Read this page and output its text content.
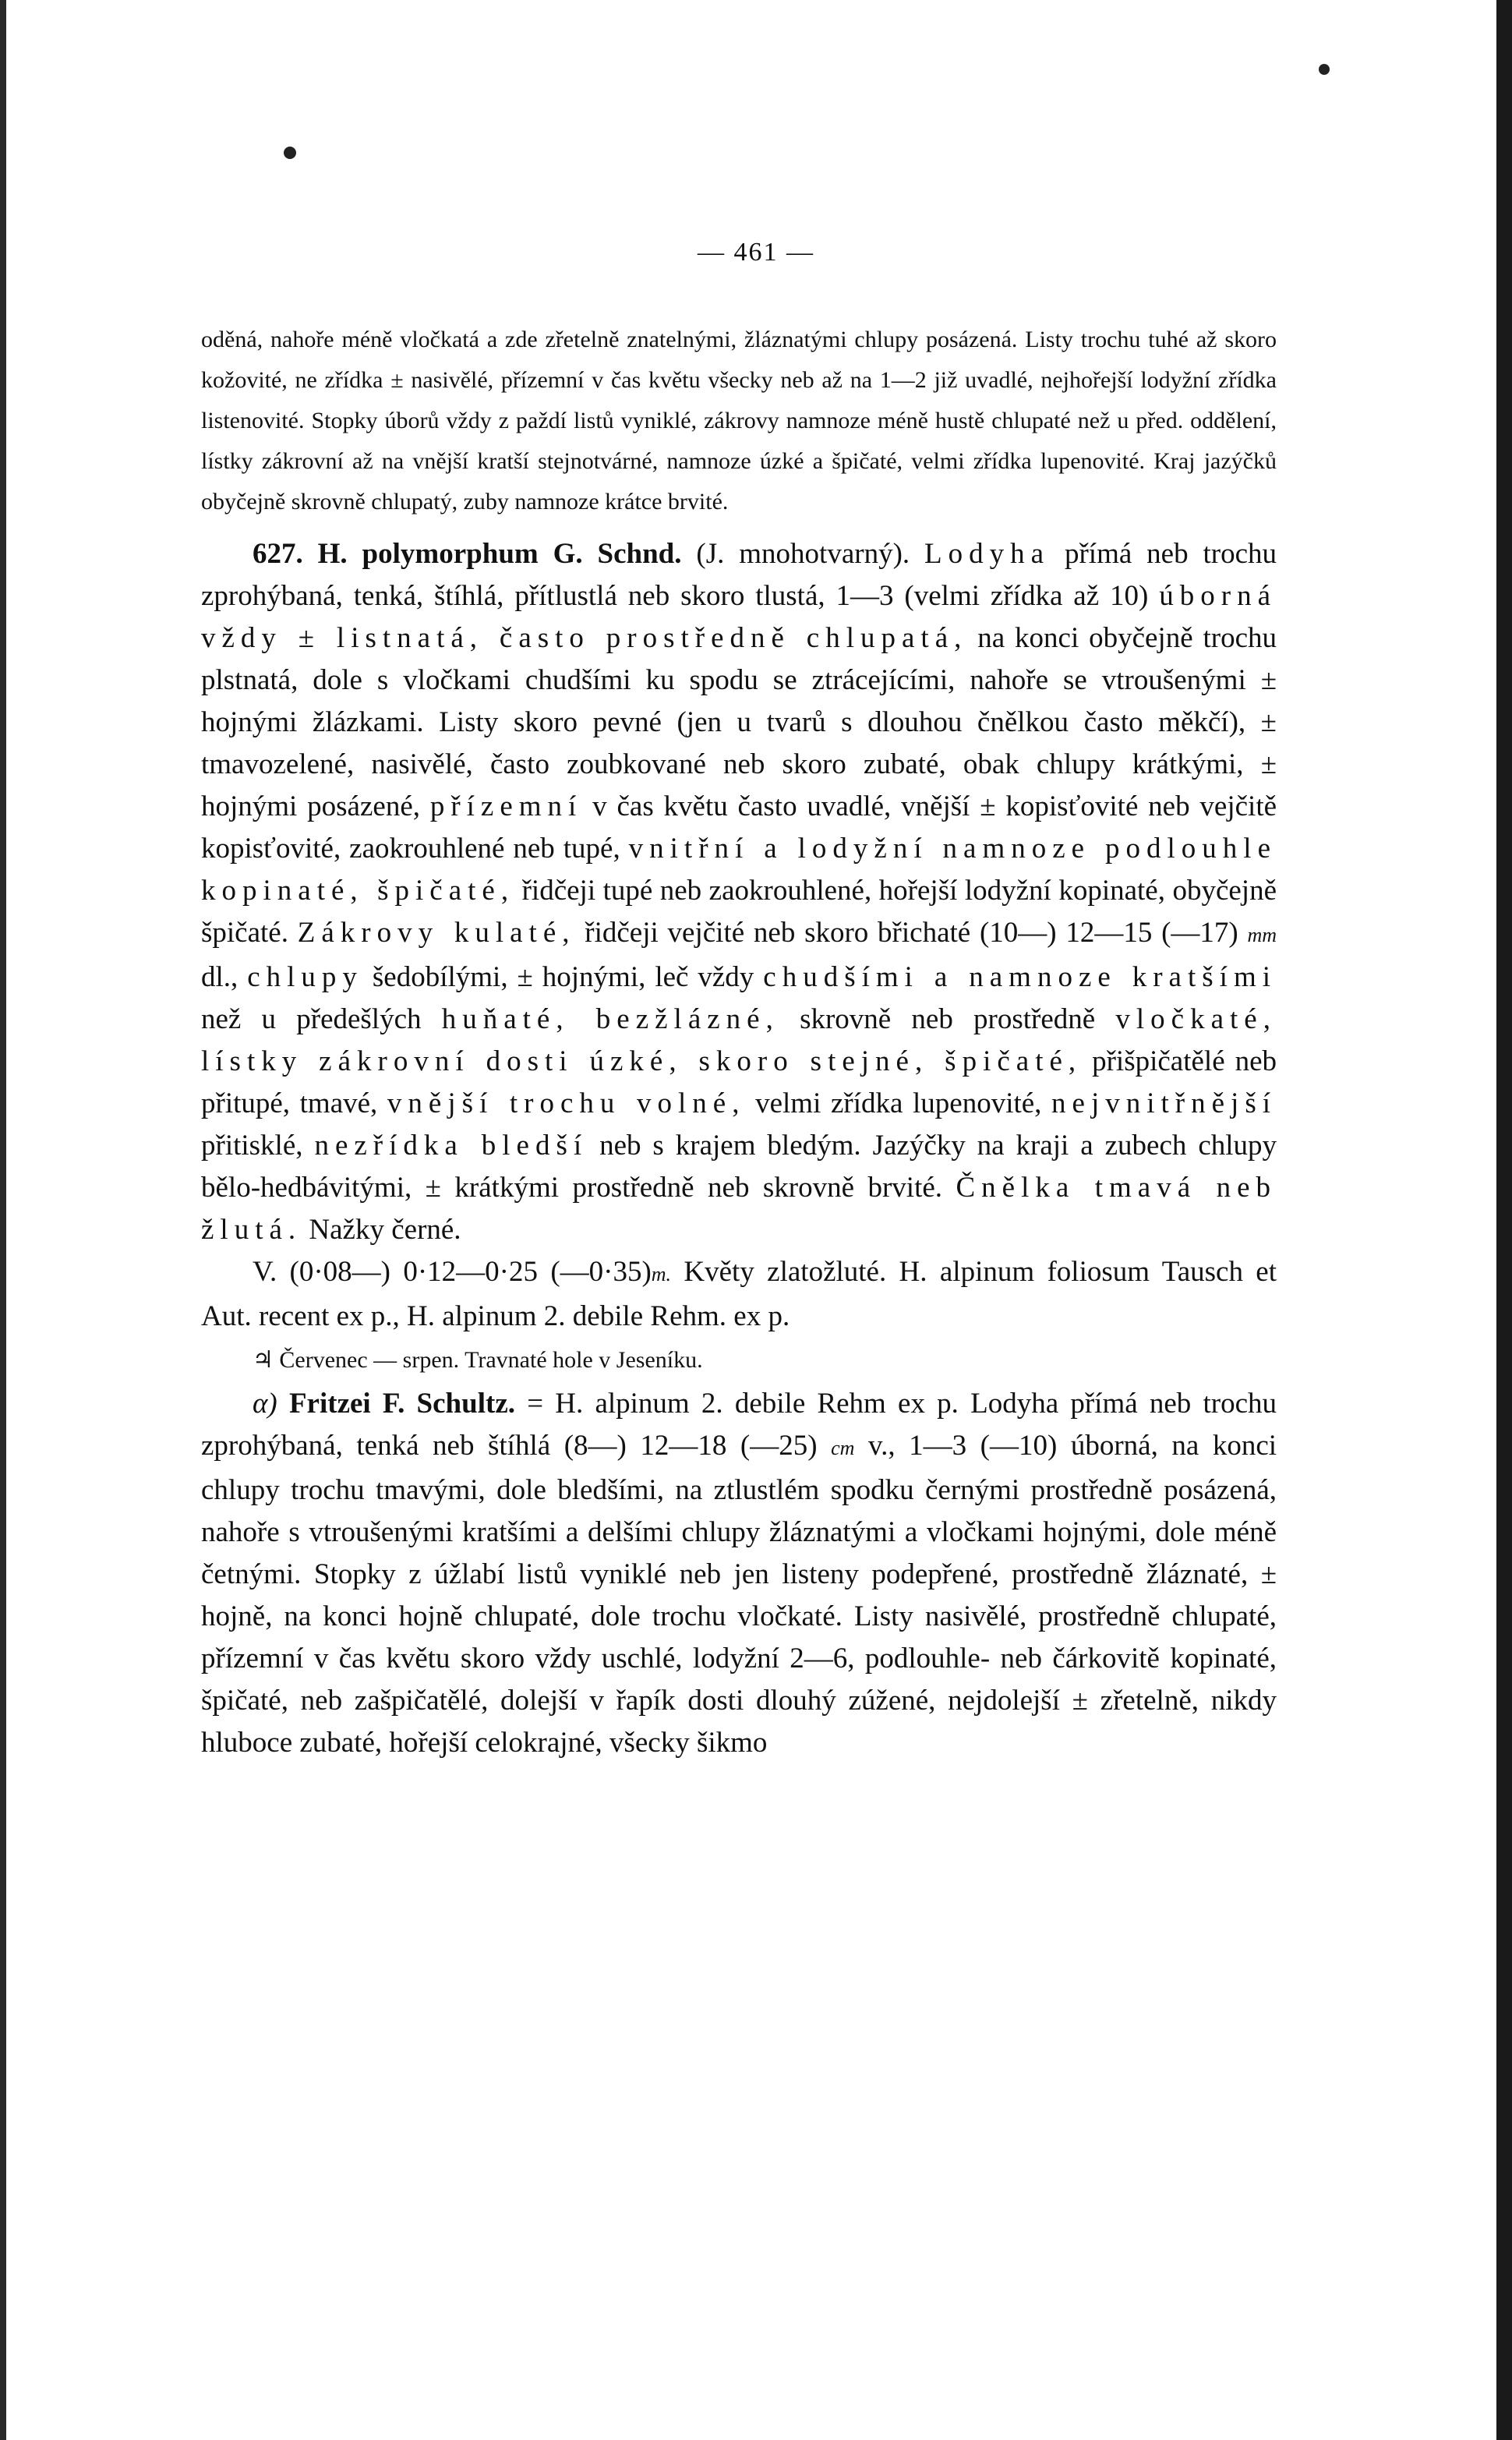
— 461 —

oděná, nahoře méně vločkatá a zde zřetelně znatelnými, žláznatými chlupy posázená. Listy trochu tuhé až skoro kožovité, ne zřídka ± nasivělé, přízemní v čas květu všecky neb až na 1—2 již uvadlé, nejhořejší lodyžní zřídka listenovité. Stopky úborů vždy z paždí listů vyniklé, zákrovy namnoze méně hustě chlupaté než u před. oddělení, lístky zákrovní až na vnější kratší stejnotvárné, namnoze úzké a špičaté, velmi zřídka lupenovité. Kraj jazýčků obyčejně skrovně chlupatý, zuby namnoze krátce brvité.

627. H. polymorphum G. Schnd. (J. mnohotvarný). Lodyha přímá neb trochu zprohýbaná, tenká, štíhlá, přítlustlá neb skoro tlustá, 1—3 (velmi zřídka až 10) úborná vždy ± listnatá, často prostředně chlupatá, na konci obyčejně trochu plstnatá, dole s vločkami chudšími ku spodu se ztrácejícími, nahoře se vtroušenými ± hojnými žlázkami. Listy skoro pevné (jen u tvarů s dlouhou čnělkou často měkčí), ± tmavozelené, nasivělé, často zoubkované neb skoro zubaté, obak chlupy krátkými, ± hojnými posázené, přízemní v čas květu často uvadlé, vnější ± kopisťovité neb vejčitě kopisťovité, zaokrouhlené neb tupé, vnitřní a lodyžní namnoze podlouhle kopinaté, špičaté, řidčeji tupé neb zaokrouhlené, hořejší lodyžní kopinaté, obyčejně špičaté. Zákrovy kulaté, řidčeji vejčité neb skoro břichaté (10—) 12—15 (—17) mm dl., chlupy šedobílými, ± hojnými, leč vždy chudšími a namnoze kratšími než u předešlých huňaté, bezžlázné, skrovně neb prostředně vločkaté, lístky zákrovní dosti úzké, skoro stejné, špičaté, přišpičatělé neb přitupé, tmavé, vnější trochu volné, velmi zřídka lupenovité, nejvnitřnější přitisklé, nezřídka bledší neb s krajem bledým. Jazýčky na kraji a zubech chlupy bělo-hedbávitými, ± krátkými prostředně neb skrovně brvité. Čnělka tmavá neb žlutá. Nažky černé.

V. (0·08—) 0·12—0·25 (—0·35)m. Květy zlatožluté. H. alpinum foliosum Tausch et Aut. recent ex p., H. alpinum 2. debile Rehm. ex p.

♃ Červenec — srpen. Travnaté hole v Jeseníku.

α) Fritzei F. Schultz. = H. alpinum 2. debile Rehm ex p. Lodyha přímá neb trochu zprohýbaná, tenká neb štíhlá (8—) 12—18 (—25) cm v., 1—3 (—10) úborná, na konci chlupy trochu tmavými, dole bledšími, na ztlustlém spodku černými prostředně posázená, nahoře s vtroušenými kratšími a delšími chlupy žláznatými a vločkami hojnými, dole méně četnými. Stopky z úžlabí listů vyniklé neb jen listeny podepřené, prostředně žláznaté, ± hojně, na konci hojně chlupaté, dole trochu vločkaté. Listy nasivělé, prostředně chlupaté, přízemní v čas květu skoro vždy uschlé, lodyžní 2—6, podlouhle- neb čárkovitě kopinaté, špičaté, neb zašpičatělé, dolejší v řapík dosti dlouhý zúžené, nejdolejší ± zřetelně, nikdy hluboce zubaté, hořejší celokrajné, všecky šikmo
